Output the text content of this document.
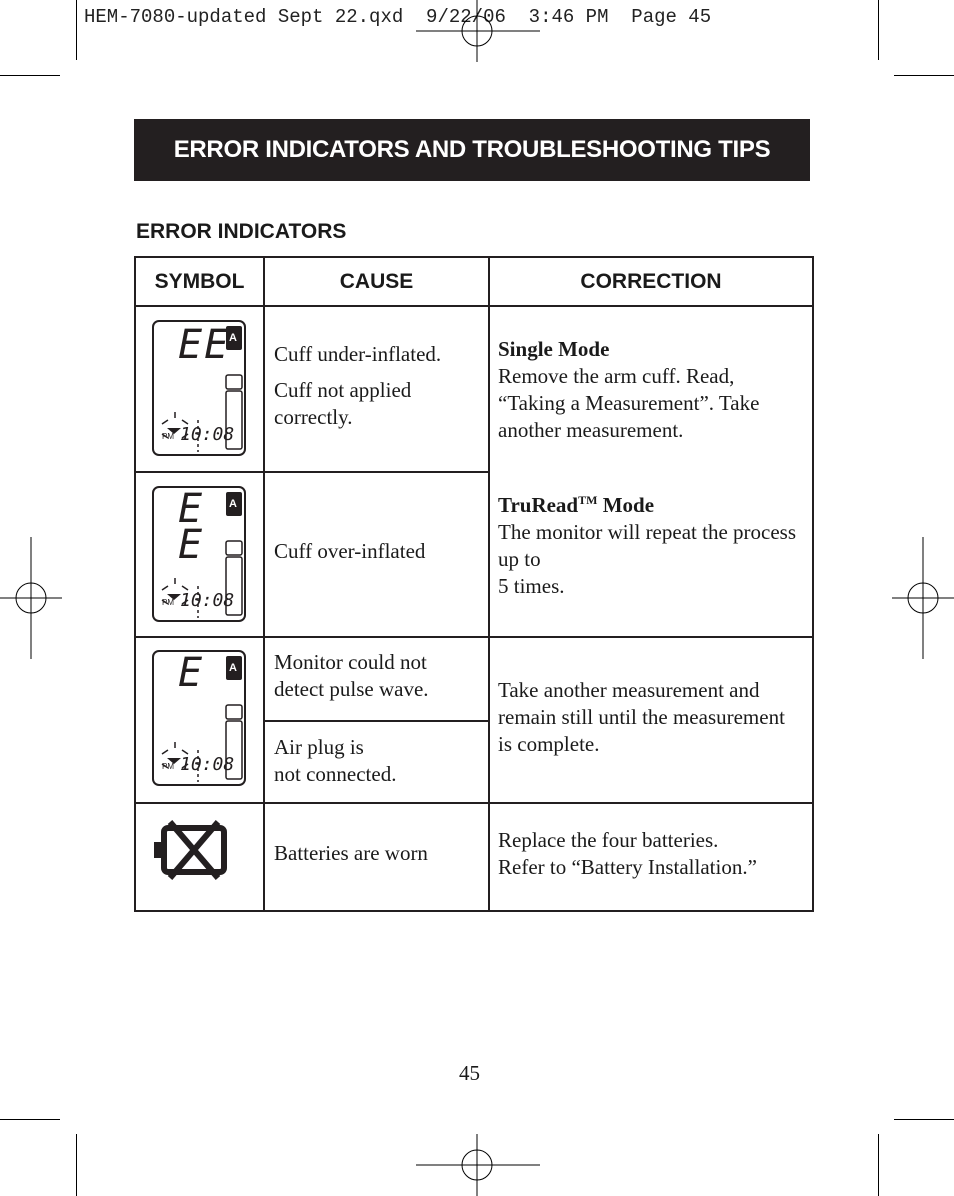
HEM-7080-updated Sept 22.qxd  9/22/06  3:46 PM  Page 45
ERROR INDICATORS AND TROUBLESHOOTING TIPS
ERROR INDICATORS
SYMBOL	CAUSE	CORRECTION
EE
A
PM 10:08
E
E
A
PM 10:08
E A
PM 10:08

Cuff under-inflated.

Cuff not applied correctly.

Cuff over-inflated

Monitor could not detect pulse wave.

Air plug is

not connected.

Batteries are worn

Single Mode

Remove the arm cuff. Read, “Taking a Measurement”. Take another measurement.

TruRead™ Mode

The monitor will repeat the process up to

5 times.

Take another measurement and remain still until the measurement is complete.

Replace the four batteries.

Refer to “Battery Installation.”

45
